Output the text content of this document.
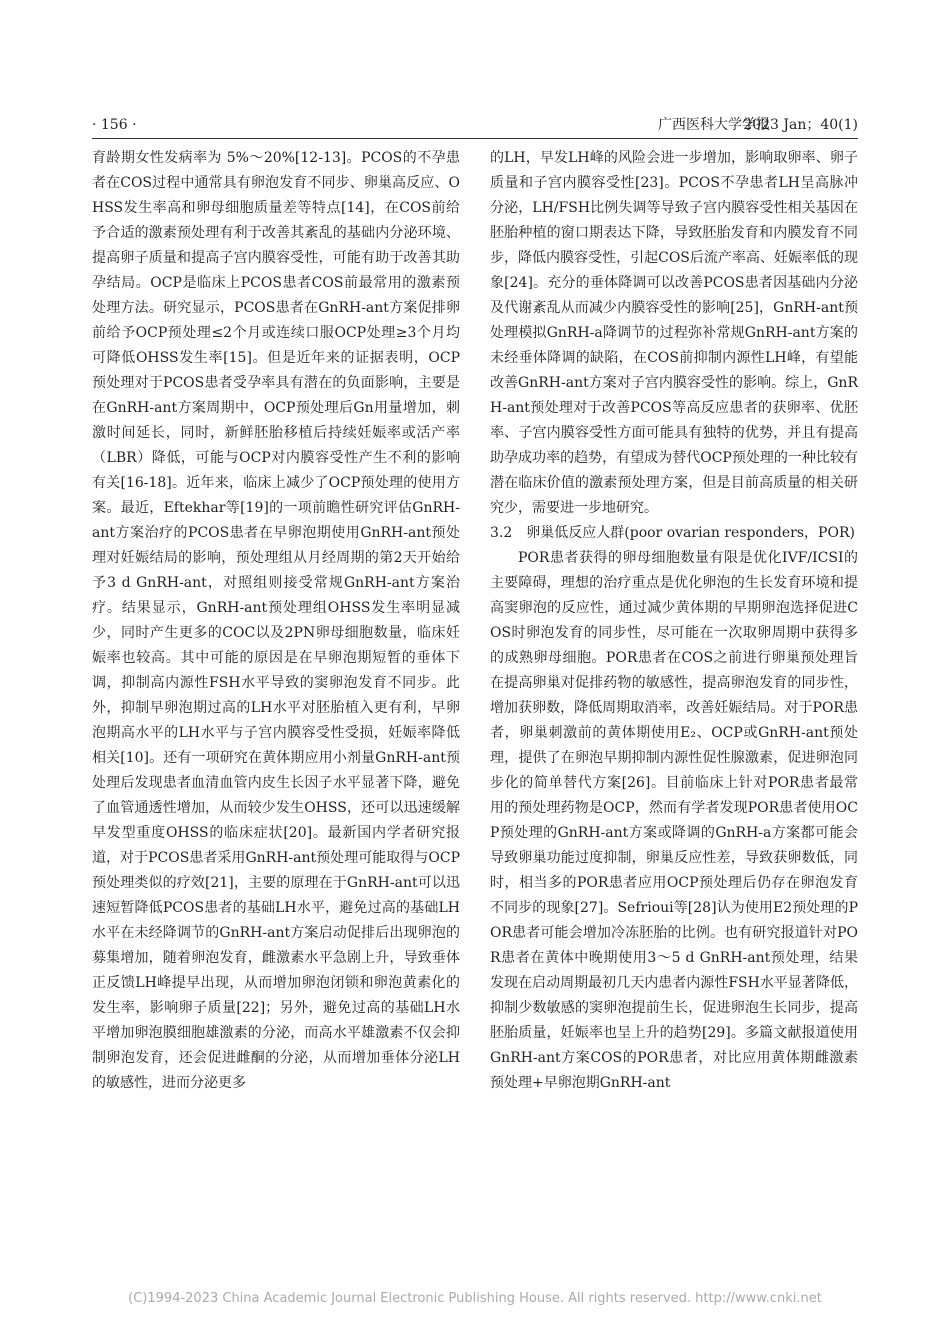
· 156 ·	广西医科大学学报
2023 Jan；40(1)

育龄期女性发病率为 5%～20%[12-13]。PCOS的不孕患者在COS过程中通常具有卵泡发育不同步、卵巢高反应、OHSS发生率高和卵母细胞质量差等特点[14]，在COS前给予合适的激素预处理有利于改善其紊乱的基础内分泌环境、提高卵子质量和提高子宫内膜容受性，可能有助于改善其助孕结局。OCP是临床上PCOS患者COS前最常用的激素预处理方法。研究显示，PCOS患者在GnRH-ant方案促排卵前给予OCP预处理≤2个月或连续口服OCP处理≥3个月均可降低OHSS发生率[15]。但是近年来的证据表明，OCP预处理对于PCOS患者受孕率具有潜在的负面影响，主要是在GnRH-ant方案周期中，OCP预处理后Gn用量增加，刺激时间延长，同时，新鲜胚胎移植后持续妊娠率或活产率（LBR）降低，可能与OCP对内膜容受性产生不利的影响有关[16-18]。近年来，临床上减少了OCP预处理的使用方案。最近，Eftekhar等[19]的一项前瞻性研究评估GnRH-ant方案治疗的PCOS患者在早卵泡期使用GnRH-ant预处理对妊娠结局的影响，预处理组从月经周期的第2天开始给予3 d GnRH-ant，对照组则接受常规GnRH-ant方案治疗。结果显示，GnRH-ant预处理组OHSS发生率明显减少，同时产生更多的COC以及2PN卵母细胞数量，临床妊娠率也较高。其中可能的原因是在早卵泡期短暂的垂体下调，抑制高内源性FSH水平导致的窦卵泡发育不同步。此外，抑制早卵泡期过高的LH水平对胚胎植入更有利，早卵泡期高水平的LH水平与子宫内膜容受性受损，妊娠率降低相关[10]。还有一项研究在黄体期应用小剂量GnRH-ant预处理后发现患者血清血管内皮生长因子水平显著下降，避免了血管通透性增加，从而较少发生OHSS，还可以迅速缓解早发型重度OHSS的临床症状[20]。最新国内学者研究报道，对于PCOS患者采用GnRH-ant预处理可能取得与OCP预处理类似的疗效[21]，主要的原理在于GnRH-ant可以迅速短暂降低PCOS患者的基础LH水平，避免过高的基础LH水平在未经降调节的GnRH-ant方案启动促排后出现卵泡的募集增加，随着卵泡发育，雌激素水平急剧上升，导致垂体正反馈LH峰提早出现，从而增加卵泡闭锁和卵泡黄素化的发生率，影响卵子质量[22]；另外，避免过高的基础LH水平增加卵泡膜细胞雄激素的分泌，而高水平雄激素不仅会抑制卵泡发育，还会促进雌酮的分泌，从而增加垂体分泌LH的敏感性，进而分泌更多

的LH，早发LH峰的风险会进一步增加，影响取卵率、卵子质量和子宫内膜容受性[23]。PCOS不孕患者LH呈高脉冲分泌，LH/FSH比例失调等导致子宫内膜容受性相关基因在胚胎种植的窗口期表达下降，导致胚胎发育和内膜发育不同步，降低内膜容受性，引起COS后流产率高、妊娠率低的现象[24]。充分的垂体降调可以改善PCOS患者因基础内分泌及代谢紊乱从而减少内膜容受性的影响[25]，GnRH-ant预处理模拟GnRH-a降调节的过程弥补常规GnRH-ant方案的未经垂体降调的缺陷，在COS前抑制内源性LH峰，有望能改善GnRH-ant方案对子宫内膜容受性的影响。综上，GnRH-ant预处理对于改善PCOS等高反应患者的获卵率、优胚率、子宫内膜容受性方面可能具有独特的优势，并且有提高助孕成功率的趋势，有望成为替代OCP预处理的一种比较有潜在临床价值的激素预处理方案，但是目前高质量的相关研究少，需要进一步地研究。

3.2　卵巢低反应人群(poor ovarian responders，POR)

POR患者获得的卵母细胞数量有限是优化IVF/ICSI的主要障碍，理想的治疗重点是优化卵泡的生长发育环境和提高窦卵泡的反应性，通过减少黄体期的早期卵泡选择促进COS时卵泡发育的同步性，尽可能在一次取卵周期中获得多的成熟卵母细胞。POR患者在COS之前进行卵巢预处理旨在提高卵巢对促排药物的敏感性，提高卵泡发育的同步性，增加获卵数，降低周期取消率，改善妊娠结局。对于POR患者，卵巢刺激前的黄体期使用E₂、OCP或GnRH-ant预处理，提供了在卵泡早期抑制内源性促性腺激素，促进卵泡同步化的简单替代方案[26]。目前临床上针对POR患者最常用的预处理药物是OCP，然而有学者发现POR患者使用OCP预处理的GnRH-ant方案或降调的GnRH-a方案都可能会导致卵巢功能过度抑制，卵巢反应性差，导致获卵数低，同时，相当多的POR患者应用OCP预处理后仍存在卵泡发育不同步的现象[27]。Sefrioui等[28]认为使用E2预处理的POR患者可能会增加冷冻胚胎的比例。也有研究报道针对POR患者在黄体中晚期使用3～5 d GnRH-ant预处理，结果发现在启动周期最初几天内患者内源性FSH水平显著降低，抑制少数敏感的窦卵泡提前生长，促进卵泡生长同步，提高胚胎质量，妊娠率也呈上升的趋势[29]。多篇文献报道使用GnRH-ant方案COS的POR患者，对比应用黄体期雌激素预处理+早卵泡期GnRH-ant

(C)1994-2023 China Academic Journal Electronic Publishing House. All rights reserved. http://www.cnki.net
